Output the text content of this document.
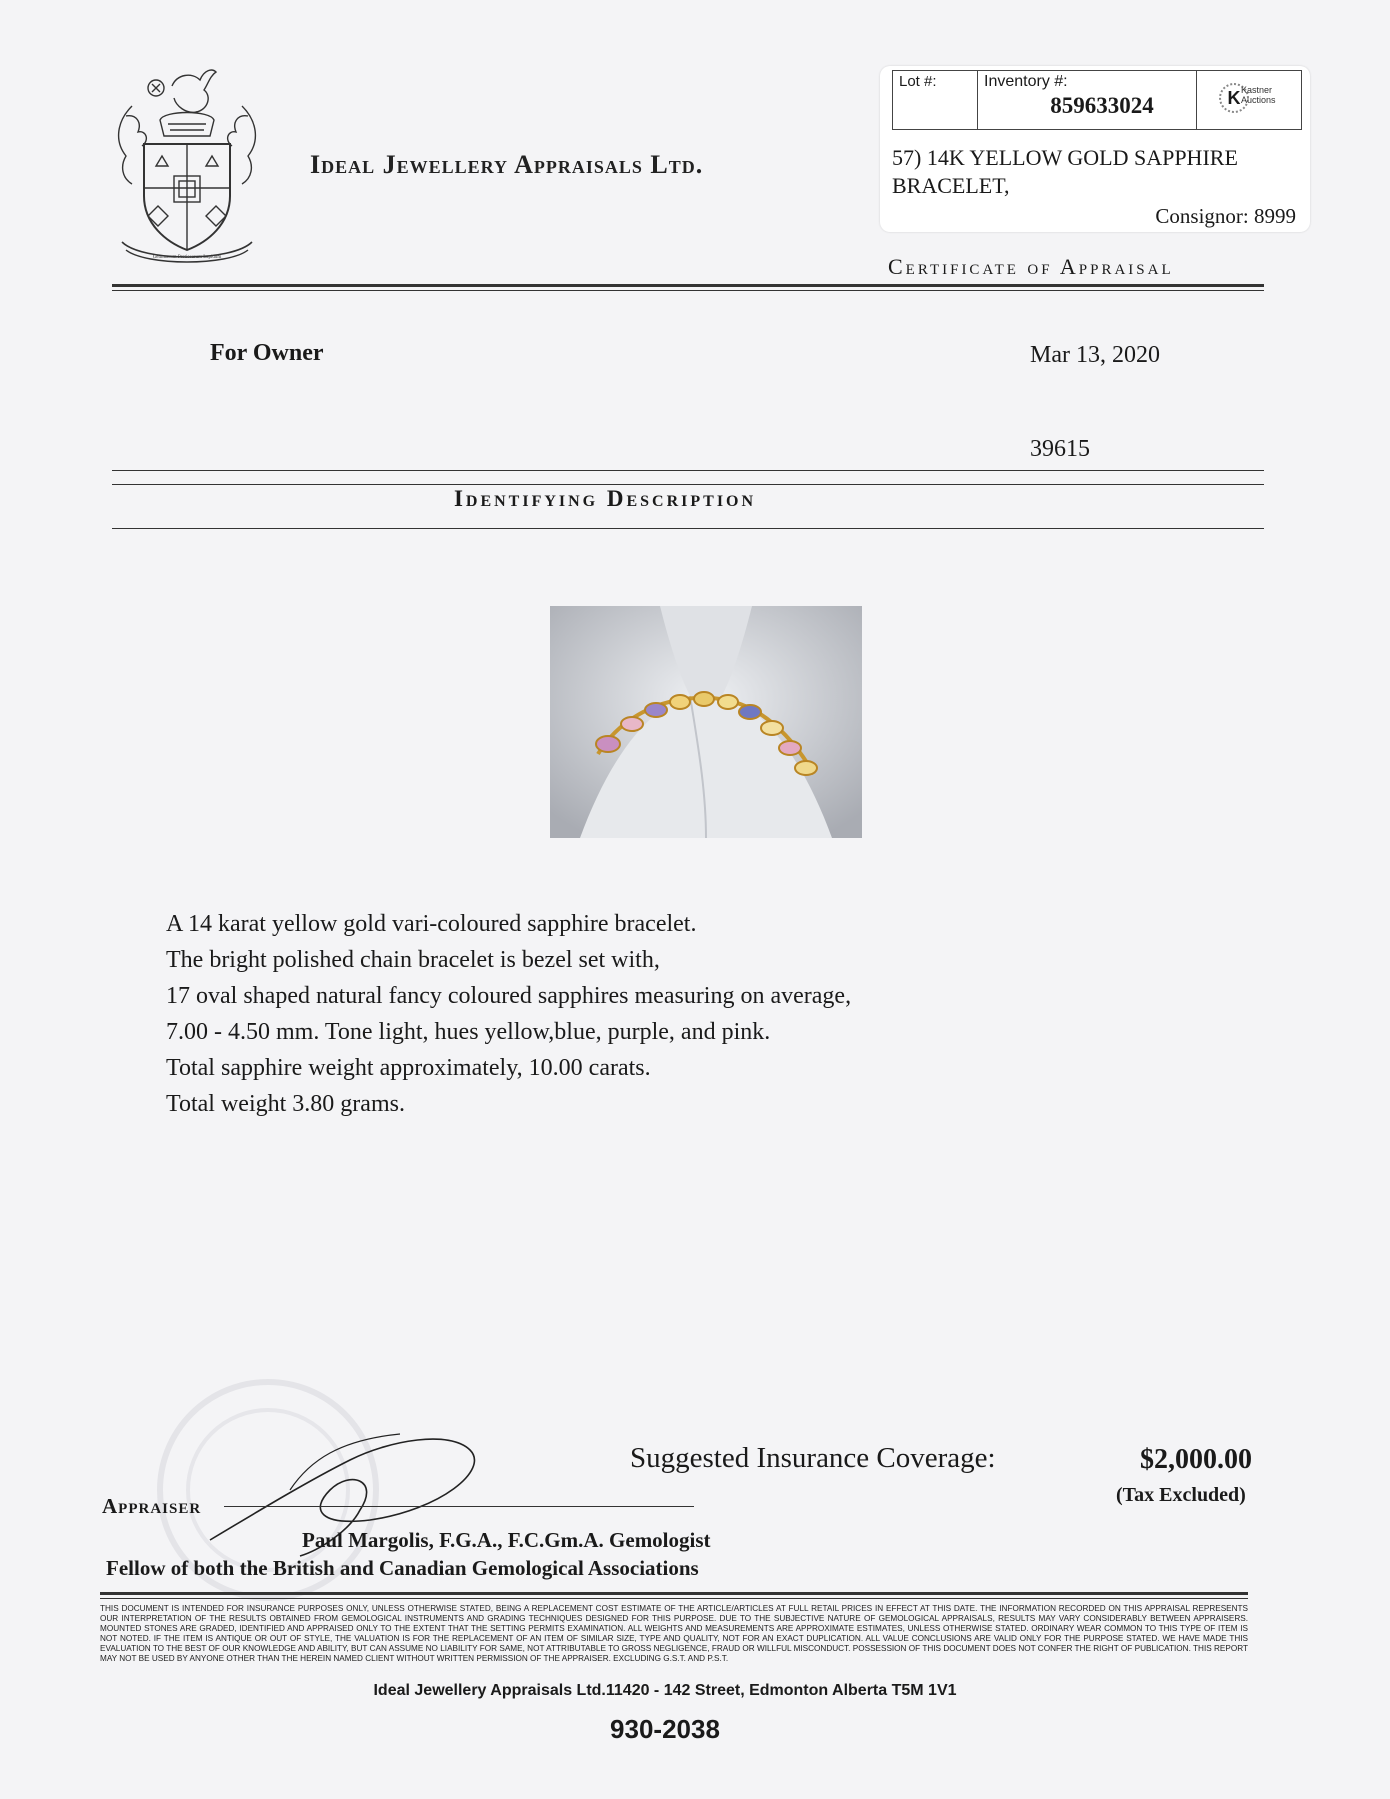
Gemmarum Pretiosarum Lapidum
Ideal Jewellery Appraisals Ltd.
Lot #:	Inventory #:
859633024	K Kastner Auctions
57) 14K YELLOW GOLD SAPPHIRE BRACELET,
Consignor: 8999
Certificate of Appraisal
For Owner	Mar 13, 2020
39615
Identifying Description
A 14 karat yellow gold vari-coloured sapphire bracelet.
The bright polished chain bracelet is bezel set with,
17 oval shaped natural fancy coloured sapphires measuring on average,
7.00 - 4.50 mm. Tone light, hues yellow,blue, purple, and pink.
Total sapphire weight approximately, 10.00 carats.
Total weight 3.80 grams.
Suggested Insurance Coverage:	$2,000.00
(Tax Excluded)
Appraiser
Paul Margolis, F.G.A., F.C.Gm.A. Gemologist
Fellow of both the British and Canadian Gemological Associations
THIS DOCUMENT IS INTENDED FOR INSURANCE PURPOSES ONLY, UNLESS OTHERWISE STATED, BEING A REPLACEMENT COST ESTIMATE OF THE ARTICLE/ARTICLES AT FULL RETAIL PRICES IN EFFECT AT THIS DATE. THE INFORMATION RECORDED ON THIS APPRAISAL REPRESENTS OUR INTERPRETATION OF THE RESULTS OBTAINED FROM GEMOLOGICAL INSTRUMENTS AND GRADING TECHNIQUES DESIGNED FOR THIS PURPOSE. DUE TO THE SUBJECTIVE NATURE OF GEMOLOGICAL APPRAISALS, RESULTS MAY VARY CONSIDERABLY BETWEEN APPRAISERS. MOUNTED STONES ARE GRADED, IDENTIFIED AND APPRAISED ONLY TO THE EXTENT THAT THE SETTING PERMITS EXAMINATION. ALL WEIGHTS AND MEASUREMENTS ARE APPROXIMATE ESTIMATES, UNLESS OTHERWISE STATED. ORDINARY WEAR COMMON TO THIS TYPE OF ITEM IS NOT NOTED. IF THE ITEM IS ANTIQUE OR OUT OF STYLE, THE VALUATION IS FOR THE REPLACEMENT OF AN ITEM OF SIMILAR SIZE, TYPE AND QUALITY, NOT FOR AN EXACT DUPLICATION. ALL VALUE CONCLUSIONS ARE VALID ONLY FOR THE PURPOSE STATED. WE HAVE MADE THIS EVALUATION TO THE BEST OF OUR KNOWLEDGE AND ABILITY, BUT CAN ASSUME NO LIABILITY FOR SAME, NOT ATTRIBUTABLE TO GROSS NEGLIGENCE, FRAUD OR WILLFUL MISCONDUCT. POSSESSION OF THIS DOCUMENT DOES NOT CONFER THE RIGHT OF PUBLICATION. THIS REPORT MAY NOT BE USED BY ANYONE OTHER THAN THE HEREIN NAMED CLIENT WITHOUT WRITTEN PERMISSION OF THE APPRAISER. EXCLUDING G.S.T. AND P.S.T.
Ideal Jewellery Appraisals Ltd.11420 - 142 Street, Edmonton Alberta T5M 1V1
930-2038
